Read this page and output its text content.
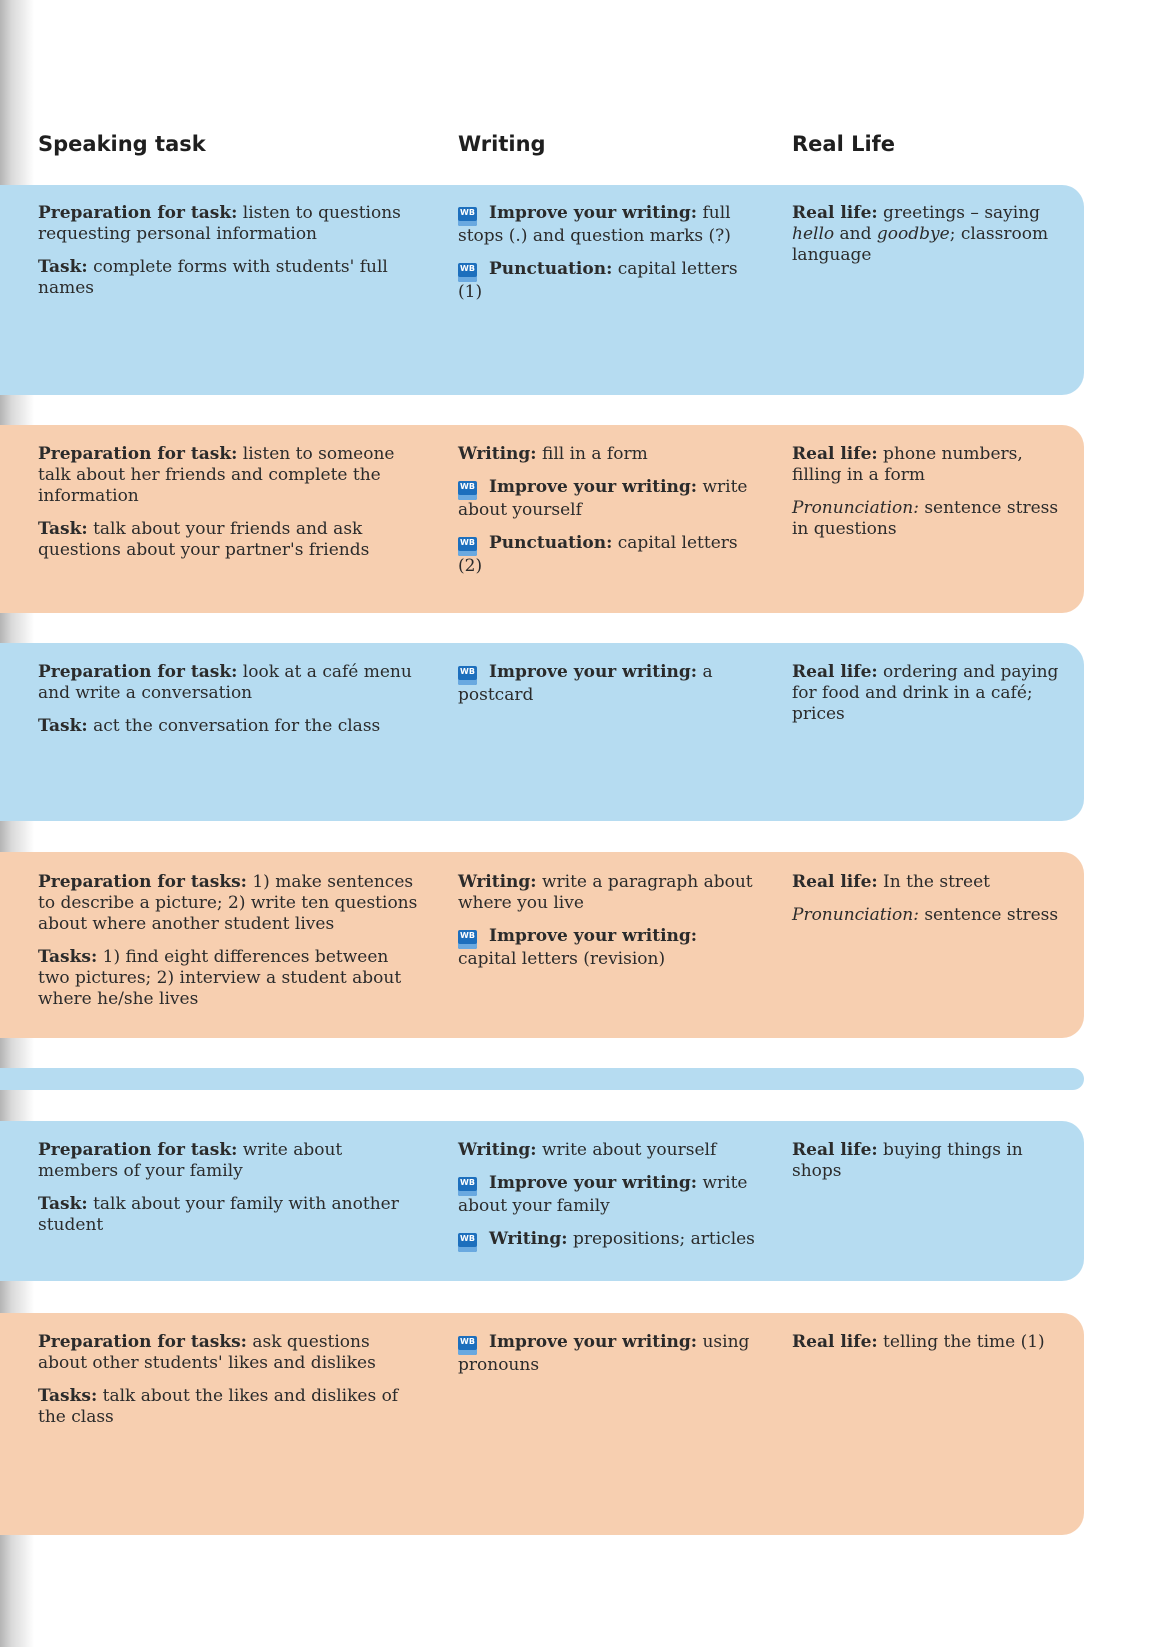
Speaking task	Writing	Real Life

Preparation for task: listen to questions requesting personal information

Task: complete forms with students' full names

WB Improve your writing: full stops (.) and question marks (?)

WB Punctuation: capital letters (1)

Real life: greetings – saying hello and goodbye; classroom language

Preparation for task: listen to someone talk about her friends and complete the information

Task: talk about your friends and ask questions about your partner's friends

Writing: fill in a form

WB Improve your writing: write about yourself

WB Punctuation: capital letters (2)

Real life: phone numbers, filling in a form

Pronunciation: sentence stress in questions

Preparation for task: look at a café menu and write a conversation

Task: act the conversation for the class

WB Improve your writing: a postcard

Real life: ordering and paying for food and drink in a café; prices

Preparation for tasks: 1) make sentences to describe a picture; 2) write ten questions about where another student lives

Tasks: 1) find eight differences between two pictures; 2) interview a student about where he/she lives

Writing: write a paragraph about where you live

WB Improve your writing: capital letters (revision)

Real life: In the street

Pronunciation: sentence stress

Preparation for task: write about members of your family

Task: talk about your family with another student

Writing: write about yourself

WB Improve your writing: write about your family

WB Writing: prepositions; articles

Real life: buying things in shops

Preparation for tasks: ask questions about other students' likes and dislikes

Tasks: talk about the likes and dislikes of the class

WB Improve your writing: using pronouns

Real life: telling the time (1)
